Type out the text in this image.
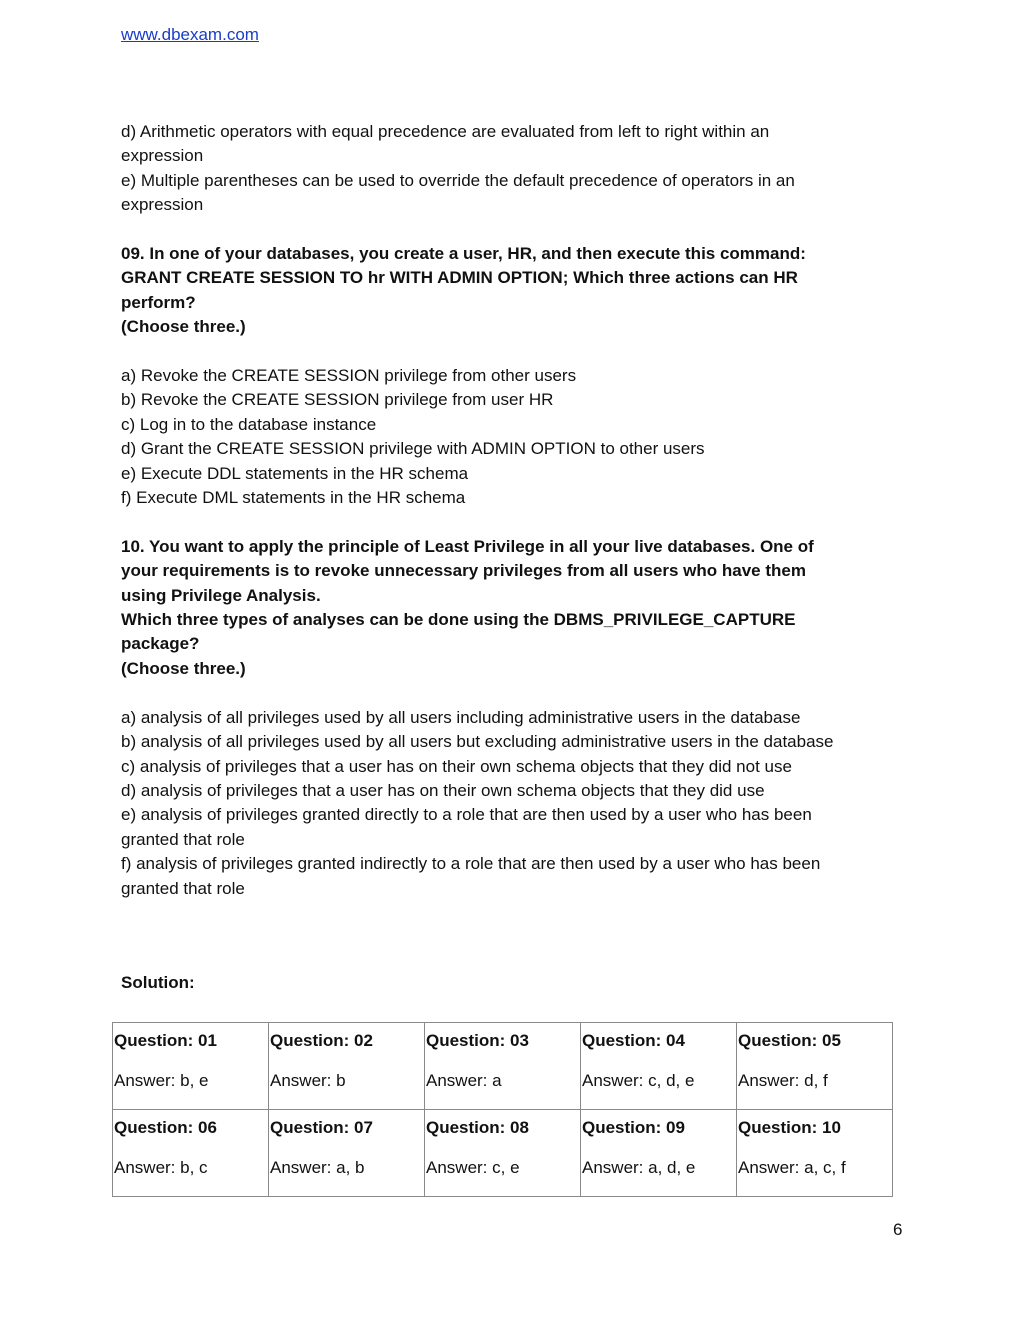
www.dbexam.com
d) Arithmetic operators with equal precedence are evaluated from left to right within an
expression
e) Multiple parentheses can be used to override the default precedence of operators in an
expression
09. In one of your databases, you create a user, HR, and then execute this command:
GRANT CREATE SESSION TO hr WITH ADMIN OPTION; Which three actions can HR
perform?
(Choose three.)
a) Revoke the CREATE SESSION privilege from other users
b) Revoke the CREATE SESSION privilege from user HR
c) Log in to the database instance
d) Grant the CREATE SESSION privilege with ADMIN OPTION to other users
e) Execute DDL statements in the HR schema
f) Execute DML statements in the HR schema
10. You want to apply the principle of Least Privilege in all your live databases. One of
your requirements is to revoke unnecessary privileges from all users who have them
using Privilege Analysis.
Which three types of analyses can be done using the DBMS_PRIVILEGE_CAPTURE
package?
(Choose three.)
a) analysis of all privileges used by all users including administrative users in the database
b) analysis of all privileges used by all users but excluding administrative users in the database
c) analysis of privileges that a user has on their own schema objects that they did not use
d) analysis of privileges that a user has on their own schema objects that they did use
e) analysis of privileges granted directly to a role that are then used by a user who has been
granted that role
f) analysis of privileges granted indirectly to a role that are then used by a user who has been
granted that role
Solution:
Question: 01
Answer: b, e	Question: 02
Answer: b	Question: 03
Answer: a	Question: 04
Answer: c, d, e	Question: 05
Answer: d, f

Question: 06
Answer: b, c	Question: 07
Answer: a, b	Question: 08
Answer: c, e	Question: 09
Answer: a, d, e	Question: 10
Answer: a, c, f
6
